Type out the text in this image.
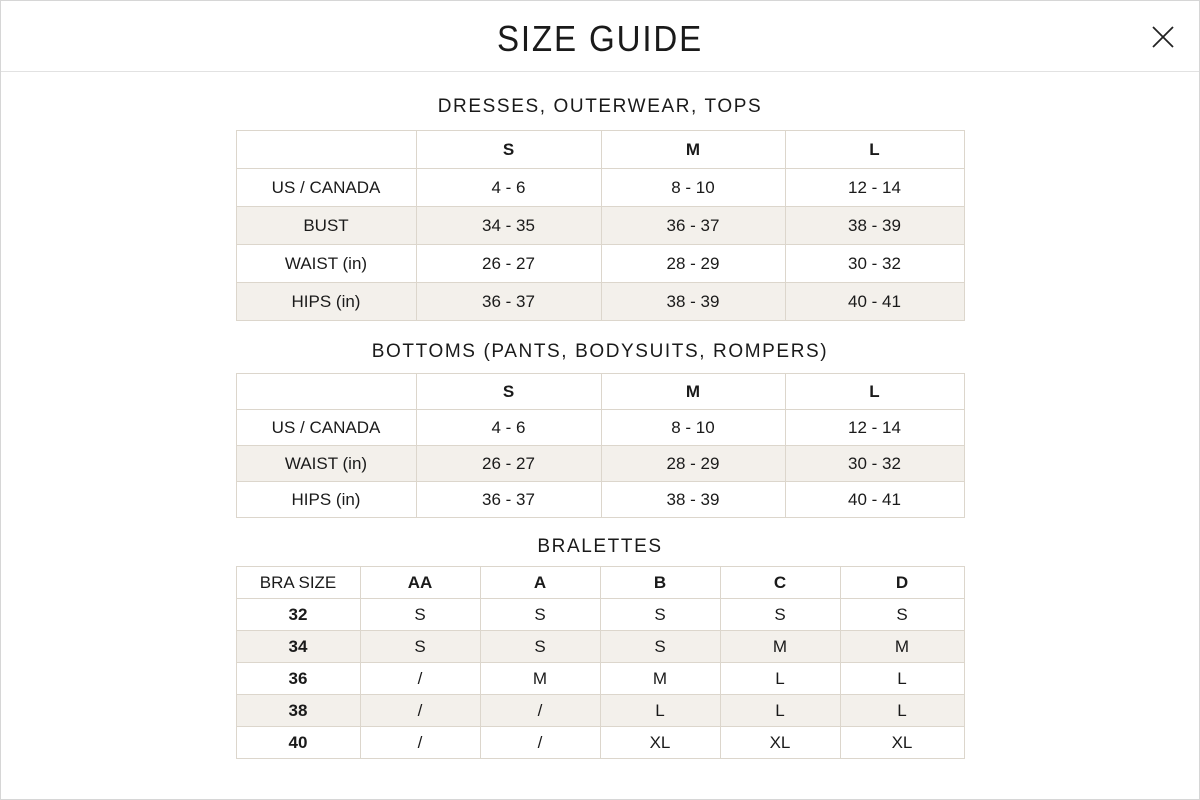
SIZE GUIDE
DRESSES, OUTERWEAR, TOPS
	S	M	L
US / CANADA	4 - 6	8 - 10	12 - 14
BUST	34 - 35	36 - 37	38 - 39
WAIST (in)	26 - 27	28 - 29	30 - 32
HIPS (in)	36 - 37	38 - 39	40 - 41
BOTTOMS (PANTS, BODYSUITS, ROMPERS)
	S	M	L
US / CANADA	4 - 6	8 - 10	12 - 14
WAIST (in)	26 - 27	28 - 29	30 - 32
HIPS (in)	36 - 37	38 - 39	40 - 41
BRALETTES
BRA SIZE	AA	A	B	C	D
32	S	S	S	S	S
34	S	S	S	M	M
36	/	M	M	L	L
38	/	/	L	L	L
40	/	/	XL	XL	XL
